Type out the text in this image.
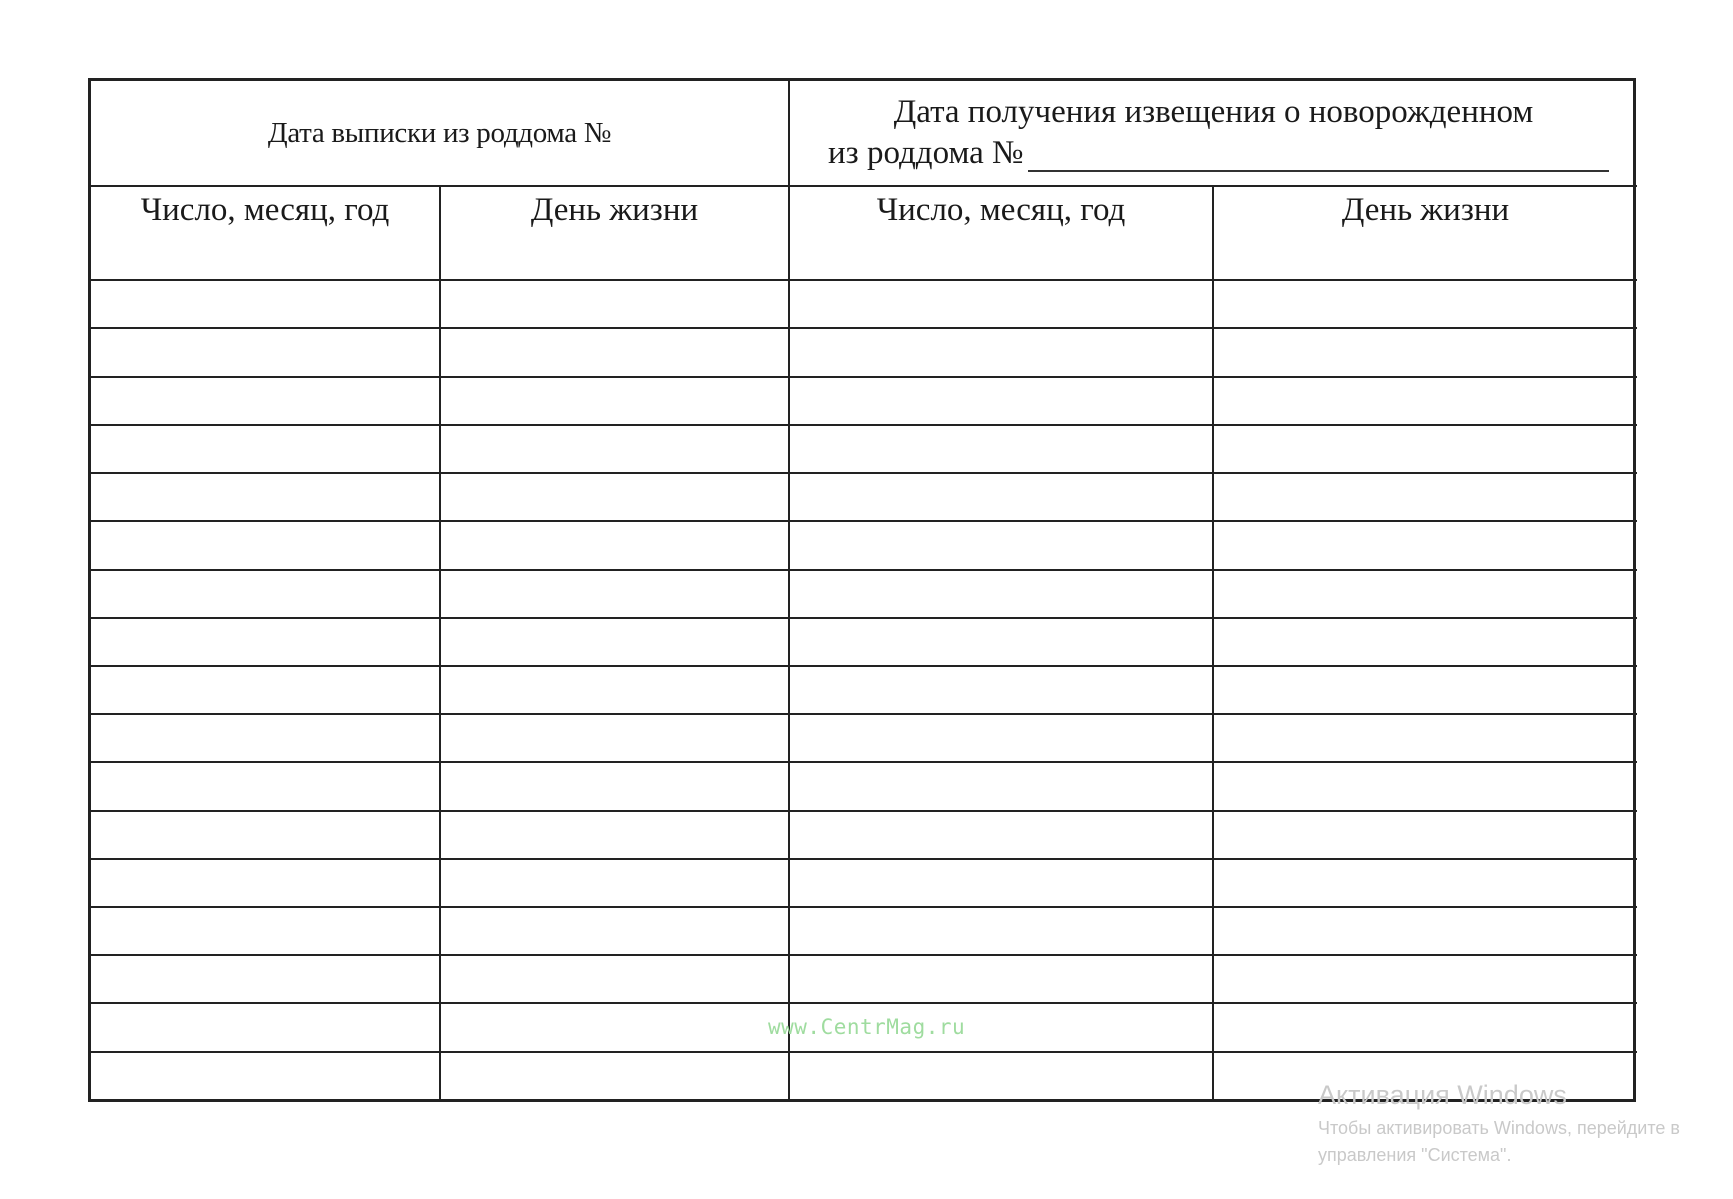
Дата выписки из роддома №		Дата получения извещения о новорожденном
из роддома №	

Число, месяц, год	День жизни	Число, месяц, год	День жизни

www.CentrMag.ru
Активация Windows
Чтобы активировать Windows, перейдите в
управления "Система".
